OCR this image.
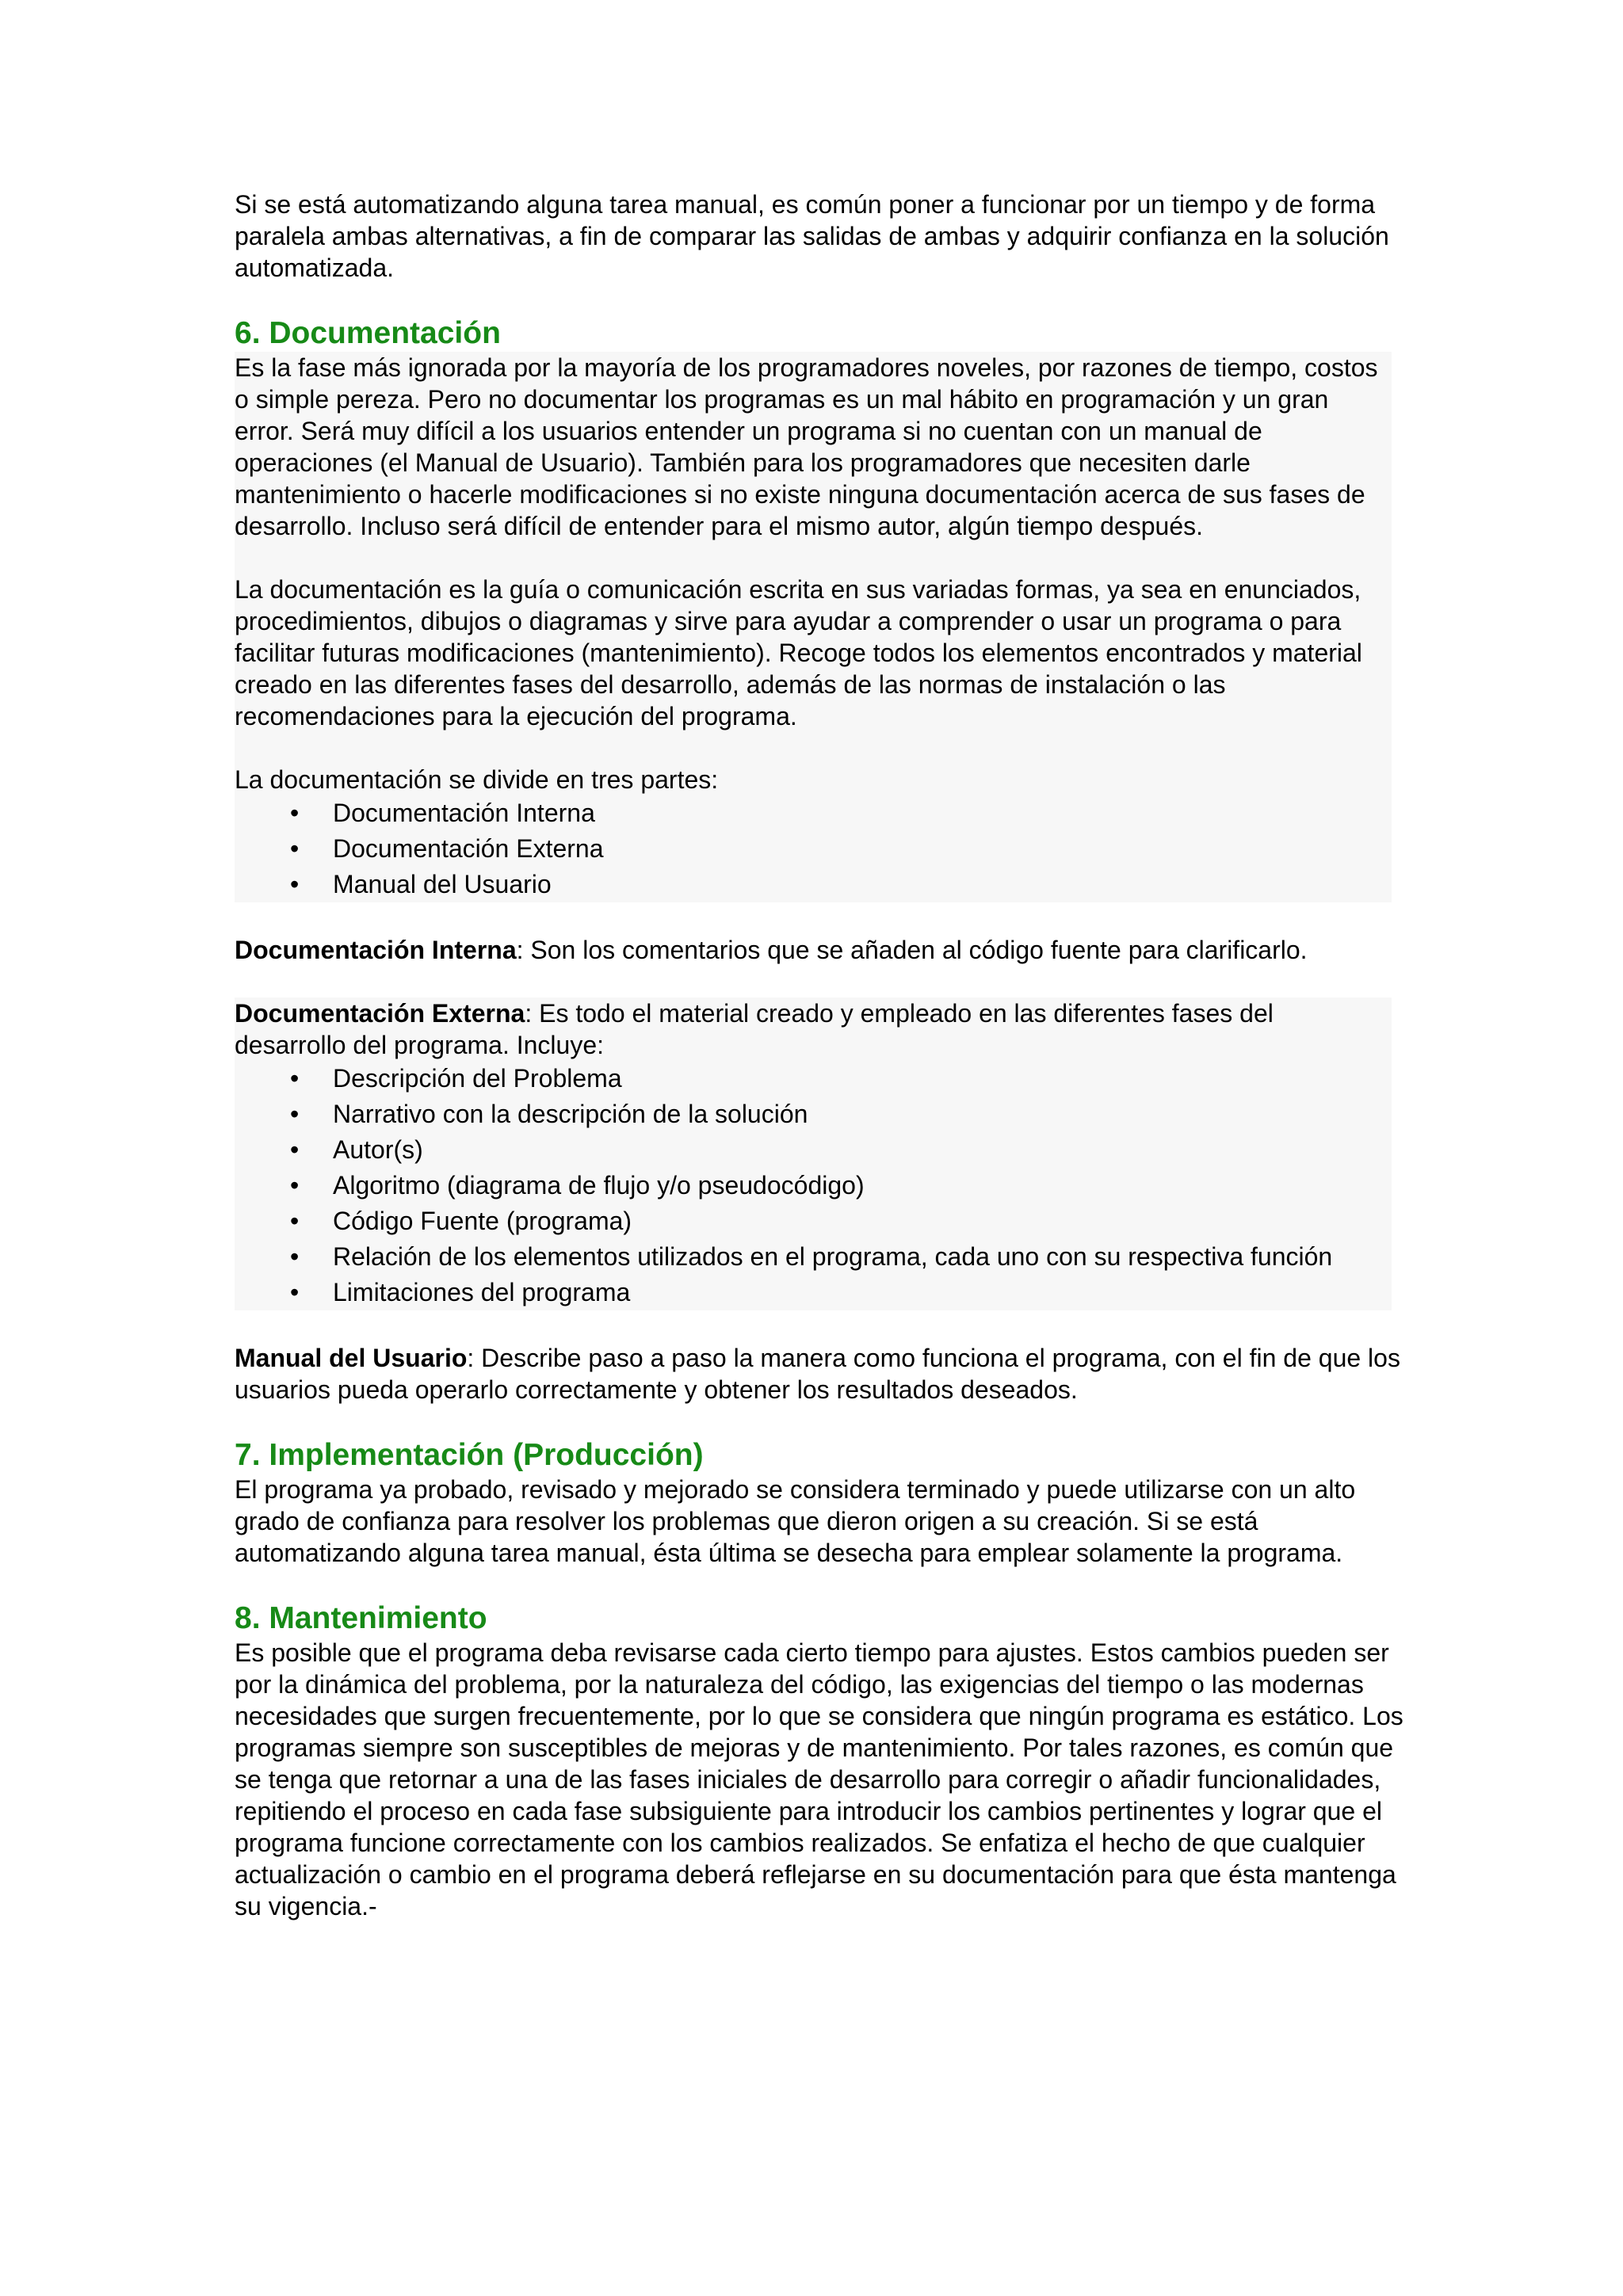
Si se está automatizando alguna tarea manual, es común poner a funcionar por un tiempo y de forma paralela ambas alternativas, a fin de comparar las salidas de ambas y adquirir confianza en la solución automatizada.

6. Documentación

Es la fase más ignorada por la mayoría de los programadores noveles, por razones de tiempo, costos o simple pereza. Pero no documentar los programas es un mal hábito en programación y un gran error. Será muy difícil a los usuarios entender un programa si no cuentan con un manual de operaciones (el Manual de Usuario). También para los programadores que necesiten darle mantenimiento o hacerle modificaciones si no existe ninguna documentación acerca de sus fases de desarrollo. Incluso será difícil de entender para el mismo autor, algún tiempo después.

La documentación es la guía o comunicación escrita en sus variadas formas, ya sea en enunciados, procedimientos, dibujos o diagramas y sirve para ayudar a comprender o usar un programa o para facilitar futuras modificaciones (mantenimiento). Recoge todos los elementos encontrados y material creado en las diferentes fases del desarrollo, además de las normas de instalación o las recomendaciones para la ejecución del programa.

La documentación se divide en tres partes:

• Documentación Interna
• Documentación Externa
• Manual del Usuario

Documentación Interna: Son los comentarios que se añaden al código fuente para clarificarlo.

Documentación Externa: Es todo el material creado y empleado en las diferentes fases del desarrollo del programa. Incluye:

• Descripción del Problema
• Narrativo con la descripción de la solución
• Autor(s)
• Algoritmo (diagrama de flujo y/o pseudocódigo)
• Código Fuente (programa)
• Relación de los elementos utilizados en el programa, cada uno con su respectiva función
• Limitaciones del programa

Manual del Usuario: Describe paso a paso la manera como funciona el programa, con el fin de que los usuarios pueda operarlo correctamente y obtener los resultados deseados.

7. Implementación (Producción)

El programa ya probado, revisado y mejorado se considera terminado y puede utilizarse con un alto grado de confianza para resolver los problemas que dieron origen a su creación. Si se está automatizando alguna tarea manual, ésta última se desecha para emplear solamente la programa.

8. Mantenimiento

Es posible que el programa deba revisarse cada cierto tiempo para ajustes. Estos cambios pueden ser por la dinámica del problema, por la naturaleza del código, las exigencias del tiempo o las modernas necesidades que surgen frecuentemente, por lo que se considera que ningún programa es estático. Los programas siempre son susceptibles de mejoras y de mantenimiento. Por tales razones, es común que se tenga que retornar a una de las fases iniciales de desarrollo para corregir o añadir funcionalidades, repitiendo el proceso en cada fase subsiguiente para introducir los cambios pertinentes y lograr que el programa funcione correctamente con los cambios realizados. Se enfatiza el hecho de que cualquier actualización o cambio en el programa deberá reflejarse en su documentación para que ésta mantenga su vigencia.-
